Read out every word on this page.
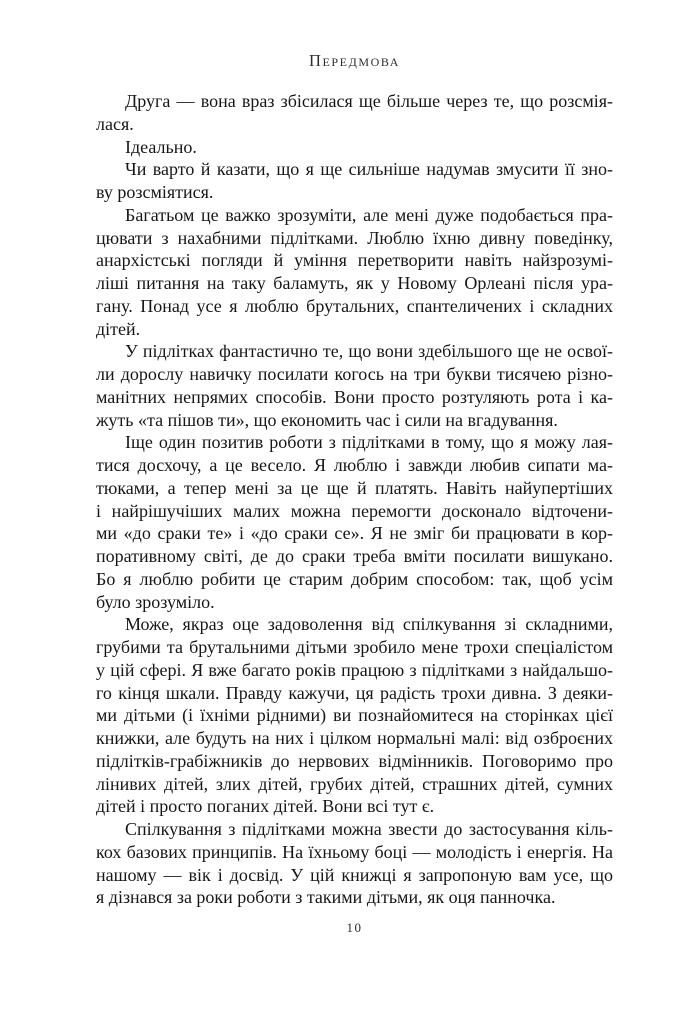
Передмова
Друга — вона враз збісилася ще більше через те, що розсмія-
лася.
Ідеально.
Чи варто й казати, що я ще сильніше надумав змусити її зно-
ву розсміятися.
Багатьом це важко зрозуміти, але мені дуже подобається пра-
цювати з нахабними підлітками. Люблю їхню дивну поведінку,
анархістські погляди й уміння перетворити навіть найзрозумі-
ліші питання на таку баламуть, як у Новому Орлеані після ура-
гану. Понад усе я люблю брутальних, спантеличених і складних
дітей.
У підлітках фантастично те, що вони здебільшого ще не освої-
ли дорослу навичку посилати когось на три букви тисячею різно-
манітних непрямих способів. Вони просто розтуляють рота і ка-
жуть «та пішов ти», що економить час і сили на вгадування.
Іще один позитив роботи з підлітками в тому, що я можу лая-
тися досхочу, а це весело. Я люблю і завжди любив сипати ма-
тюками, а тепер мені за це ще й платять. Навіть найупертіших
і найрішучіших малих можна перемогти досконало відточени-
ми «до сраки те» і «до сраки се». Я не зміг би працювати в кор-
поративному світі, де до сраки треба вміти посилати вишукано.
Бо я люблю робити це старим добрим способом: так, щоб усім
було зрозуміло.
Може, якраз оце задоволення від спілкування зі складними,
грубими та брутальними дітьми зробило мене трохи спеціалістом
у цій сфері. Я вже багато років працюю з підлітками з найдальшо-
го кінця шкали. Правду кажучи, ця радість трохи дивна. З деяки-
ми дітьми (і їхніми рідними) ви познайомитеся на сторінках цієї
книжки, але будуть на них і цілком нормальні малі: від озброєних
підлітків-грабіжників до нервових відмінників. Поговоримо про
лінивих дітей, злих дітей, грубих дітей, страшних дітей, сумних
дітей і просто поганих дітей. Вони всі тут є.
Спілкування з підлітками можна звести до застосування кіль-
кох базових принципів. На їхньому боці — молодість і енергія. На
нашому — вік і досвід. У цій книжці я запропоную вам усе, що
я дізнався за роки роботи з такими дітьми, як оця панночка.
10
